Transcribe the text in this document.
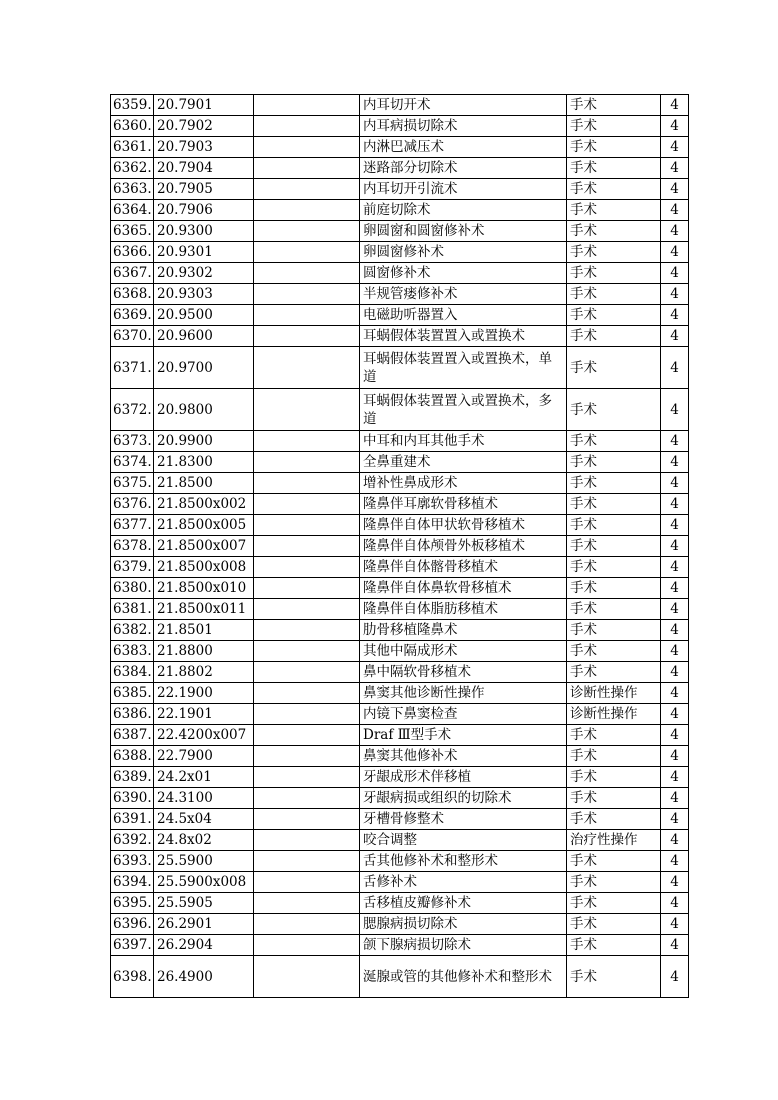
6359.	20.7901		内耳切开术	手术	4
6360.	20.7902		内耳病损切除术	手术	4
6361.	20.7903		内淋巴减压术	手术	4
6362.	20.7904		迷路部分切除术	手术	4
6363.	20.7905		内耳切开引流术	手术	4
6364.	20.7906		前庭切除术	手术	4
6365.	20.9300		卵圆窗和圆窗修补术	手术	4
6366.	20.9301		卵圆窗修补术	手术	4
6367.	20.9302		圆窗修补术	手术	4
6368.	20.9303		半规管瘘修补术	手术	4
6369.	20.9500		电磁助听器置入	手术	4
6370.	20.9600		耳蜗假体装置置入或置换术	手术	4
6371.	20.9700		耳蜗假体装置置入或置换术，单道	手术	4
6372.	20.9800		耳蜗假体装置置入或置换术，多道	手术	4
6373.	20.9900		中耳和内耳其他手术	手术	4
6374.	21.8300		全鼻重建术	手术	4
6375.	21.8500		增补性鼻成形术	手术	4
6376.	21.8500x002		隆鼻伴耳廓软骨移植术	手术	4
6377.	21.8500x005		隆鼻伴自体甲状软骨移植术	手术	4
6378.	21.8500x007		隆鼻伴自体颅骨外板移植术	手术	4
6379.	21.8500x008		隆鼻伴自体髂骨移植术	手术	4
6380.	21.8500x010		隆鼻伴自体鼻软骨移植术	手术	4
6381.	21.8500x011		隆鼻伴自体脂肪移植术	手术	4
6382.	21.8501		肋骨移植隆鼻术	手术	4
6383.	21.8800		其他中隔成形术	手术	4
6384.	21.8802		鼻中隔软骨移植术	手术	4
6385.	22.1900		鼻窦其他诊断性操作	诊断性操作	4
6386.	22.1901		内镜下鼻窦检查	诊断性操作	4
6387.	22.4200x007		Draf Ⅲ型手术	手术	4
6388.	22.7900		鼻窦其他修补术	手术	4
6389.	24.2x01		牙龈成形术伴移植	手术	4
6390.	24.3100		牙龈病损或组织的切除术	手术	4
6391.	24.5x04		牙槽骨修整术	手术	4
6392.	24.8x02		咬合调整	治疗性操作	4
6393.	25.5900		舌其他修补术和整形术	手术	4
6394.	25.5900x008		舌修补术	手术	4
6395.	25.5905		舌移植皮瓣修补术	手术	4
6396.	26.2901		腮腺病损切除术	手术	4
6397.	26.2904		颌下腺病损切除术	手术	4
6398.	26.4900		涎腺或管的其他修补术和整形术	手术	4
